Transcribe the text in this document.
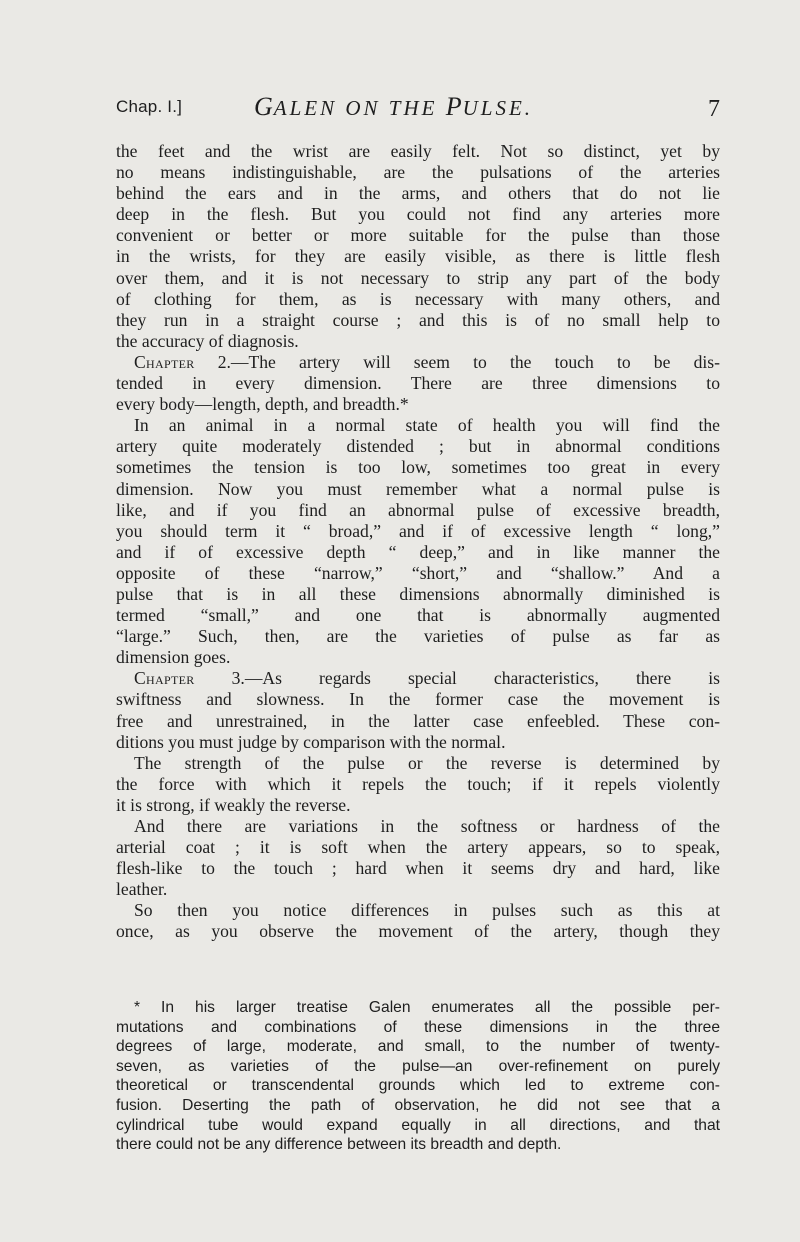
Chap. I.]	GALEN ON THE PULSE.	7
the feet and the wrist are easily felt. Not so distinct, yet by
no means indistinguishable, are the pulsations of the arteries
behind the ears and in the arms, and others that do not lie
deep in the flesh. But you could not find any arteries more
convenient or better or more suitable for the pulse than those
in the wrists, for they are easily visible, as there is little flesh
over them, and it is not necessary to strip any part of the body
of clothing for them, as is necessary with many others, and
they run in a straight course ; and this is of no small help to
the accuracy of diagnosis.
Chapter 2.—The artery will seem to the touch to be dis-
tended in every dimension. There are three dimensions to
every body—length, depth, and breadth.*
In an animal in a normal state of health you will find the
artery quite moderately distended ; but in abnormal conditions
sometimes the tension is too low, sometimes too great in every
dimension. Now you must remember what a normal pulse is
like, and if you find an abnormal pulse of excessive breadth,
you should term it “ broad,” and if of excessive length “ long,”
and if of excessive depth “ deep,” and in like manner the
opposite of these “narrow,” “short,” and “shallow.” And a
pulse that is in all these dimensions abnormally diminished is
termed “small,” and one that is abnormally augmented
“large.” Such, then, are the varieties of pulse as far as
dimension goes.
Chapter 3.—As regards special characteristics, there is
swiftness and slowness. In the former case the movement is
free and unrestrained, in the latter case enfeebled. These con-
ditions you must judge by comparison with the normal.
The strength of the pulse or the reverse is determined by
the force with which it repels the touch; if it repels violently
it is strong, if weakly the reverse.
And there are variations in the softness or hardness of the
arterial coat ; it is soft when the artery appears, so to speak,
flesh-like to the touch ; hard when it seems dry and hard, like
leather.
So then you notice differences in pulses such as this at
once, as you observe the movement of the artery, though they
* In his larger treatise Galen enumerates all the possible per-
mutations and combinations of these dimensions in the three
degrees of large, moderate, and small, to the number of twenty-
seven, as varieties of the pulse—an over-refinement on purely
theoretical or transcendental grounds which led to extreme con-
fusion. Deserting the path of observation, he did not see that a
cylindrical tube would expand equally in all directions, and that
there could not be any difference between its breadth and depth.
